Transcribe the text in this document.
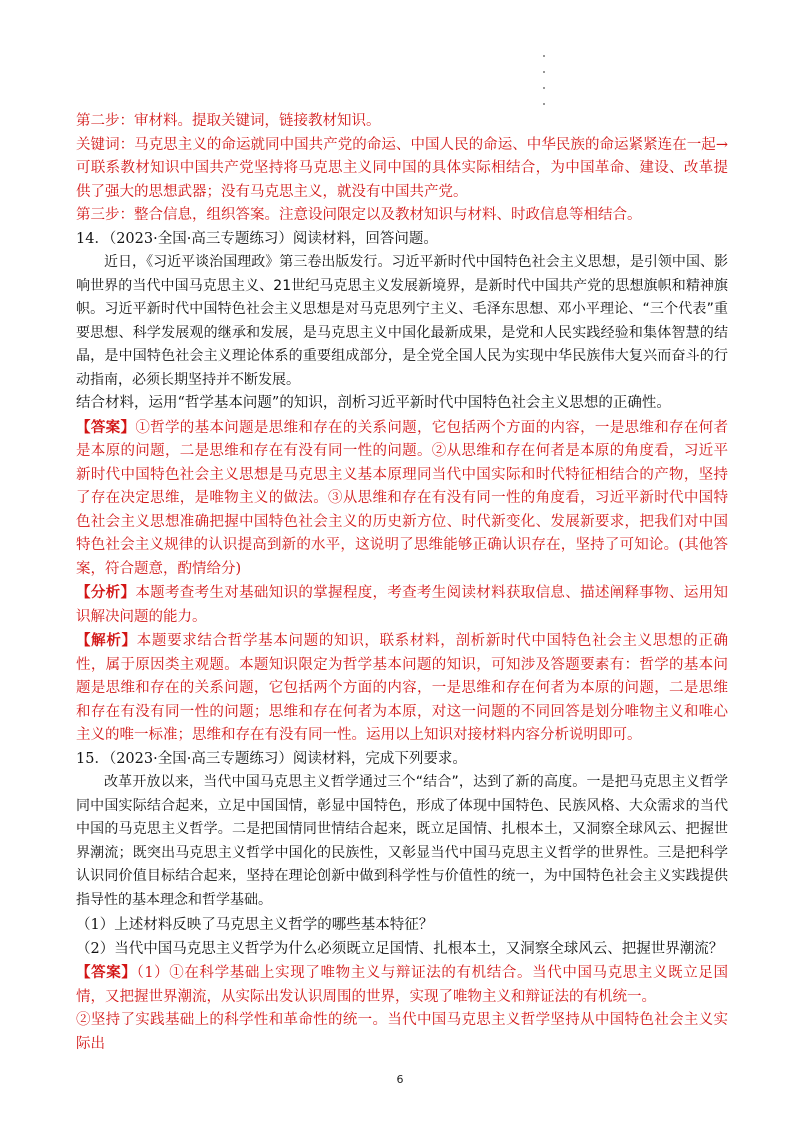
第二步：审材料。提取关键词，链接教材知识。

关键词：马克思主义的命运就同中国共产党的命运、中国人民的命运、中华民族的命运紧紧连在一起→可联系教材知识中国共产党坚持将马克思主义同中国的具体实际相结合，为中国革命、建设、改革提供了强大的思想武器；没有马克思主义，就没有中国共产党。

第三步：整合信息，组织答案。注意设问限定以及教材知识与材料、时政信息等相结合。

14．（2023·全国·高三专题练习）阅读材料，回答问题。

近日，《习近平谈治国理政》第三卷出版发行。习近平新时代中国特色社会主义思想，是引领中国、影响世界的当代中国马克思主义、21世纪马克思主义发展新境界，是新时代中国共产党的思想旗帜和精神旗帜。习近平新时代中国特色社会主义思想是对马克思列宁主义、毛泽东思想、邓小平理论、“三个代表”重要思想、科学发展观的继承和发展，是马克思主义中国化最新成果，是党和人民实践经验和集体智慧的结晶，是中国特色社会主义理论体系的重要组成部分，是全党全国人民为实现中华民族伟大复兴而奋斗的行动指南，必须长期坚持并不断发展。

结合材料，运用“哲学基本问题”的知识，剖析习近平新时代中国特色社会主义思想的正确性。

【答案】①哲学的基本问题是思维和存在的关系问题，它包括两个方面的内容，一是思维和存在何者是本原的问题，二是思维和存在有没有同一性的问题。②从思维和存在何者是本原的角度看，习近平新时代中国特色社会主义思想是马克思主义基本原理同当代中国实际和时代特征相结合的产物，坚持了存在决定思维，是唯物主义的做法。③从思维和存在有没有同一性的角度看，习近平新时代中国特色社会主义思想准确把握中国特色社会主义的历史新方位、时代新变化、发展新要求，把我们对中国特色社会主义规律的认识提高到新的水平，这说明了思维能够正确认识存在，坚持了可知论。(其他答案，符合题意，酌情给分)

【分析】本题考查考生对基础知识的掌握程度，考查考生阅读材料获取信息、描述阐释事物、运用知识解决问题的能力。

【解析】本题要求结合哲学基本问题的知识，联系材料，剖析新时代中国特色社会主义思想的正确性，属于原因类主观题。本题知识限定为哲学基本问题的知识，可知涉及答题要素有：哲学的基本问题是思维和存在的关系问题，它包括两个方面的内容，一是思维和存在何者为本原的问题，二是思维和存在有没有同一性的问题；思维和存在何者为本原，对这一问题的不同回答是划分唯物主义和唯心主义的唯一标准；思维和存在有没有同一性。运用以上知识对接材料内容分析说明即可。

15．（2023·全国·高三专题练习）阅读材料，完成下列要求。

改革开放以来，当代中国马克思主义哲学通过三个“结合”，达到了新的高度。一是把马克思主义哲学同中国实际结合起来，立足中国国情，彰显中国特色，形成了体现中国特色、民族风格、大众需求的当代中国的马克思主义哲学。二是把国情同世情结合起来，既立足国情、扎根本土，又洞察全球风云、把握世界潮流；既突出马克思主义哲学中国化的民族性，又彰显当代中国马克思主义哲学的世界性。三是把科学认识同价值目标结合起来，坚持在理论创新中做到科学性与价值性的统一，为中国特色社会主义实践提供指导性的基本理念和哲学基础。

（1）上述材料反映了马克思主义哲学的哪些基本特征？

（2）当代中国马克思主义哲学为什么必须既立足国情、扎根本土，又洞察全球风云、把握世界潮流？

【答案】（1）①在科学基础上实现了唯物主义与辩证法的有机结合。当代中国马克思主义既立足国情，又把握世界潮流，从实际出发认识周围的世界，实现了唯物主义和辩证法的有机统一。

②坚持了实践基础上的科学性和革命性的统一。当代中国马克思主义哲学坚持从中国特色社会主义实际出

6
